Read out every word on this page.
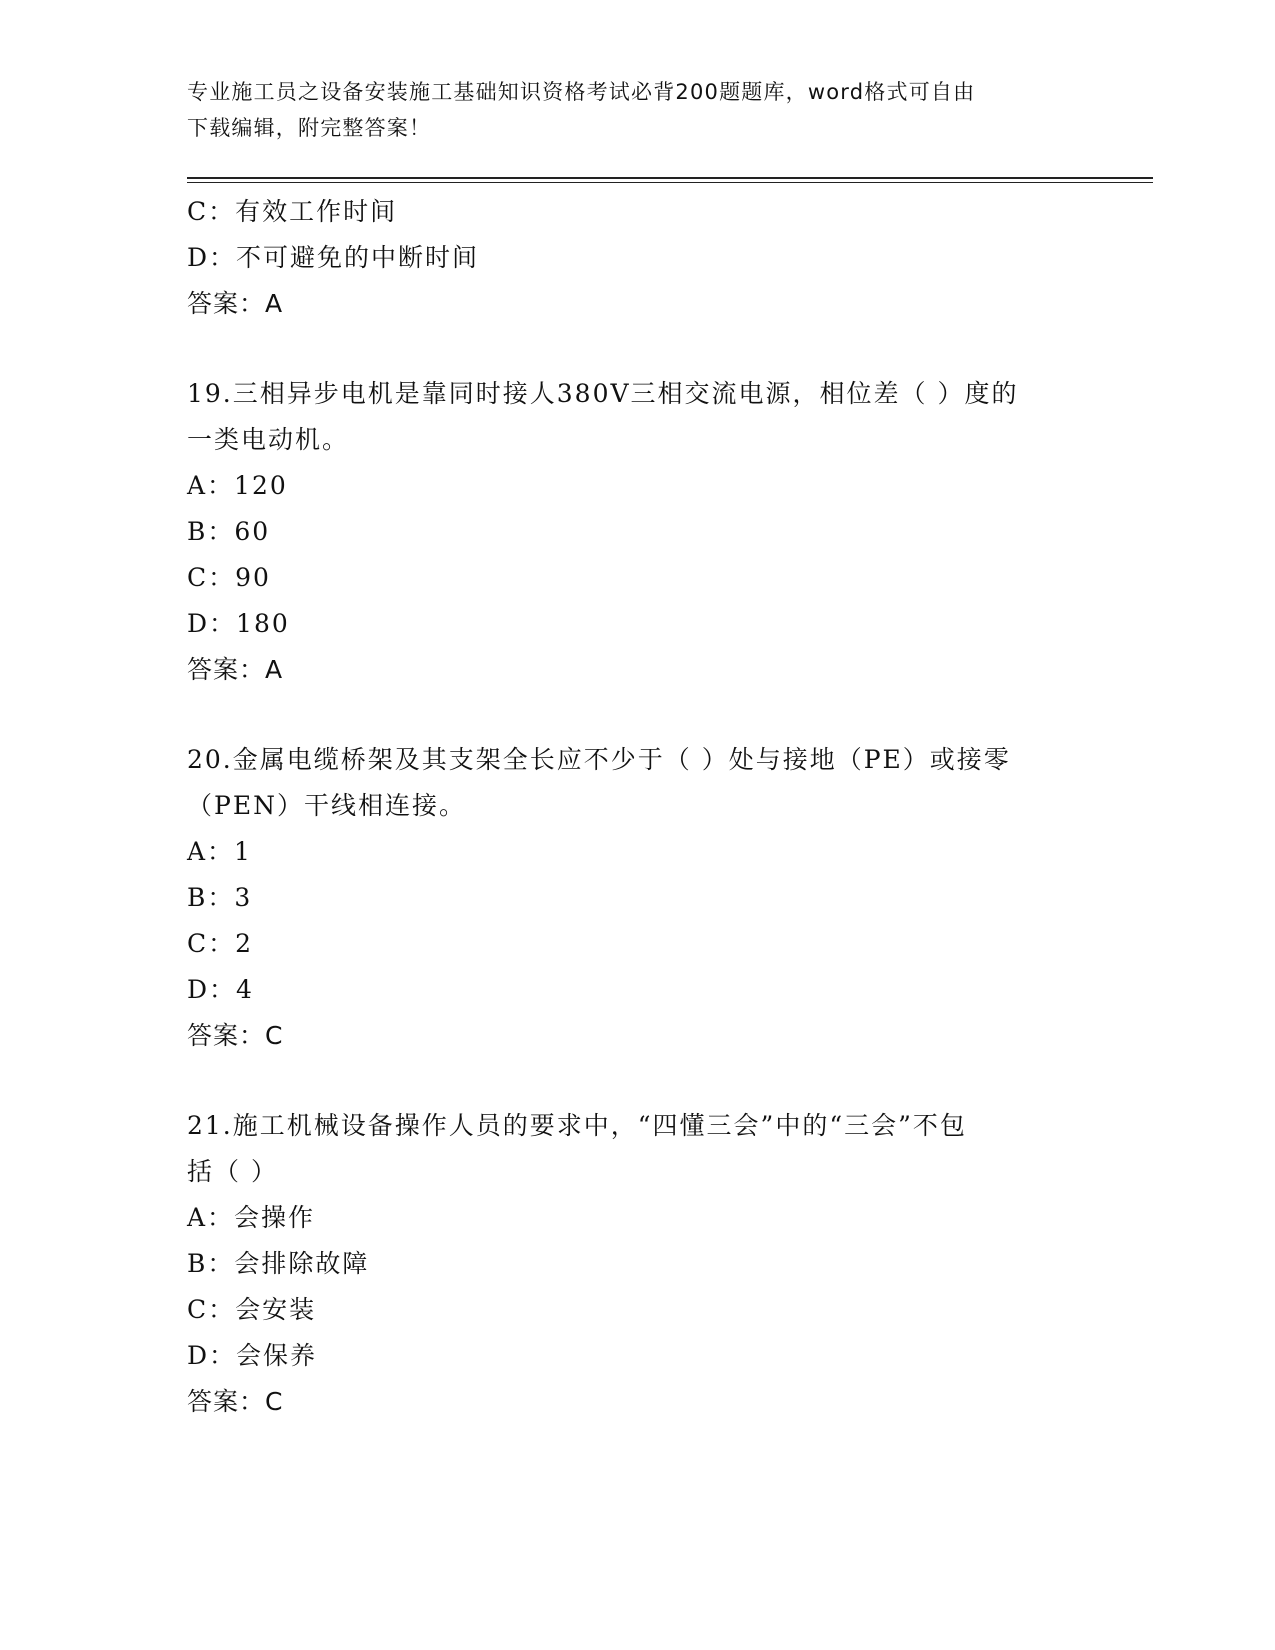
专业施工员之设备安装施工基础知识资格考试必背200题题库，word格式可自由
下载编辑，附完整答案！
C：有效工作时间
D：不可避免的中断时间
答案：A
19.三相异步电机是靠同时接人380V三相交流电源，相位差（ ）度的
一类电动机。
A：120
B：60
C：90
D：180
答案：A
20.金属电缆桥架及其支架全长应不少于（ ）处与接地（PE）或接零
（PEN）干线相连接。
A：1
B：3
C：2
D：4
答案：C
21.施工机械设备操作人员的要求中，“四懂三会”中的“三会”不包
括（ ）
A：会操作
B：会排除故障
C：会安装
D：会保养
答案：C
